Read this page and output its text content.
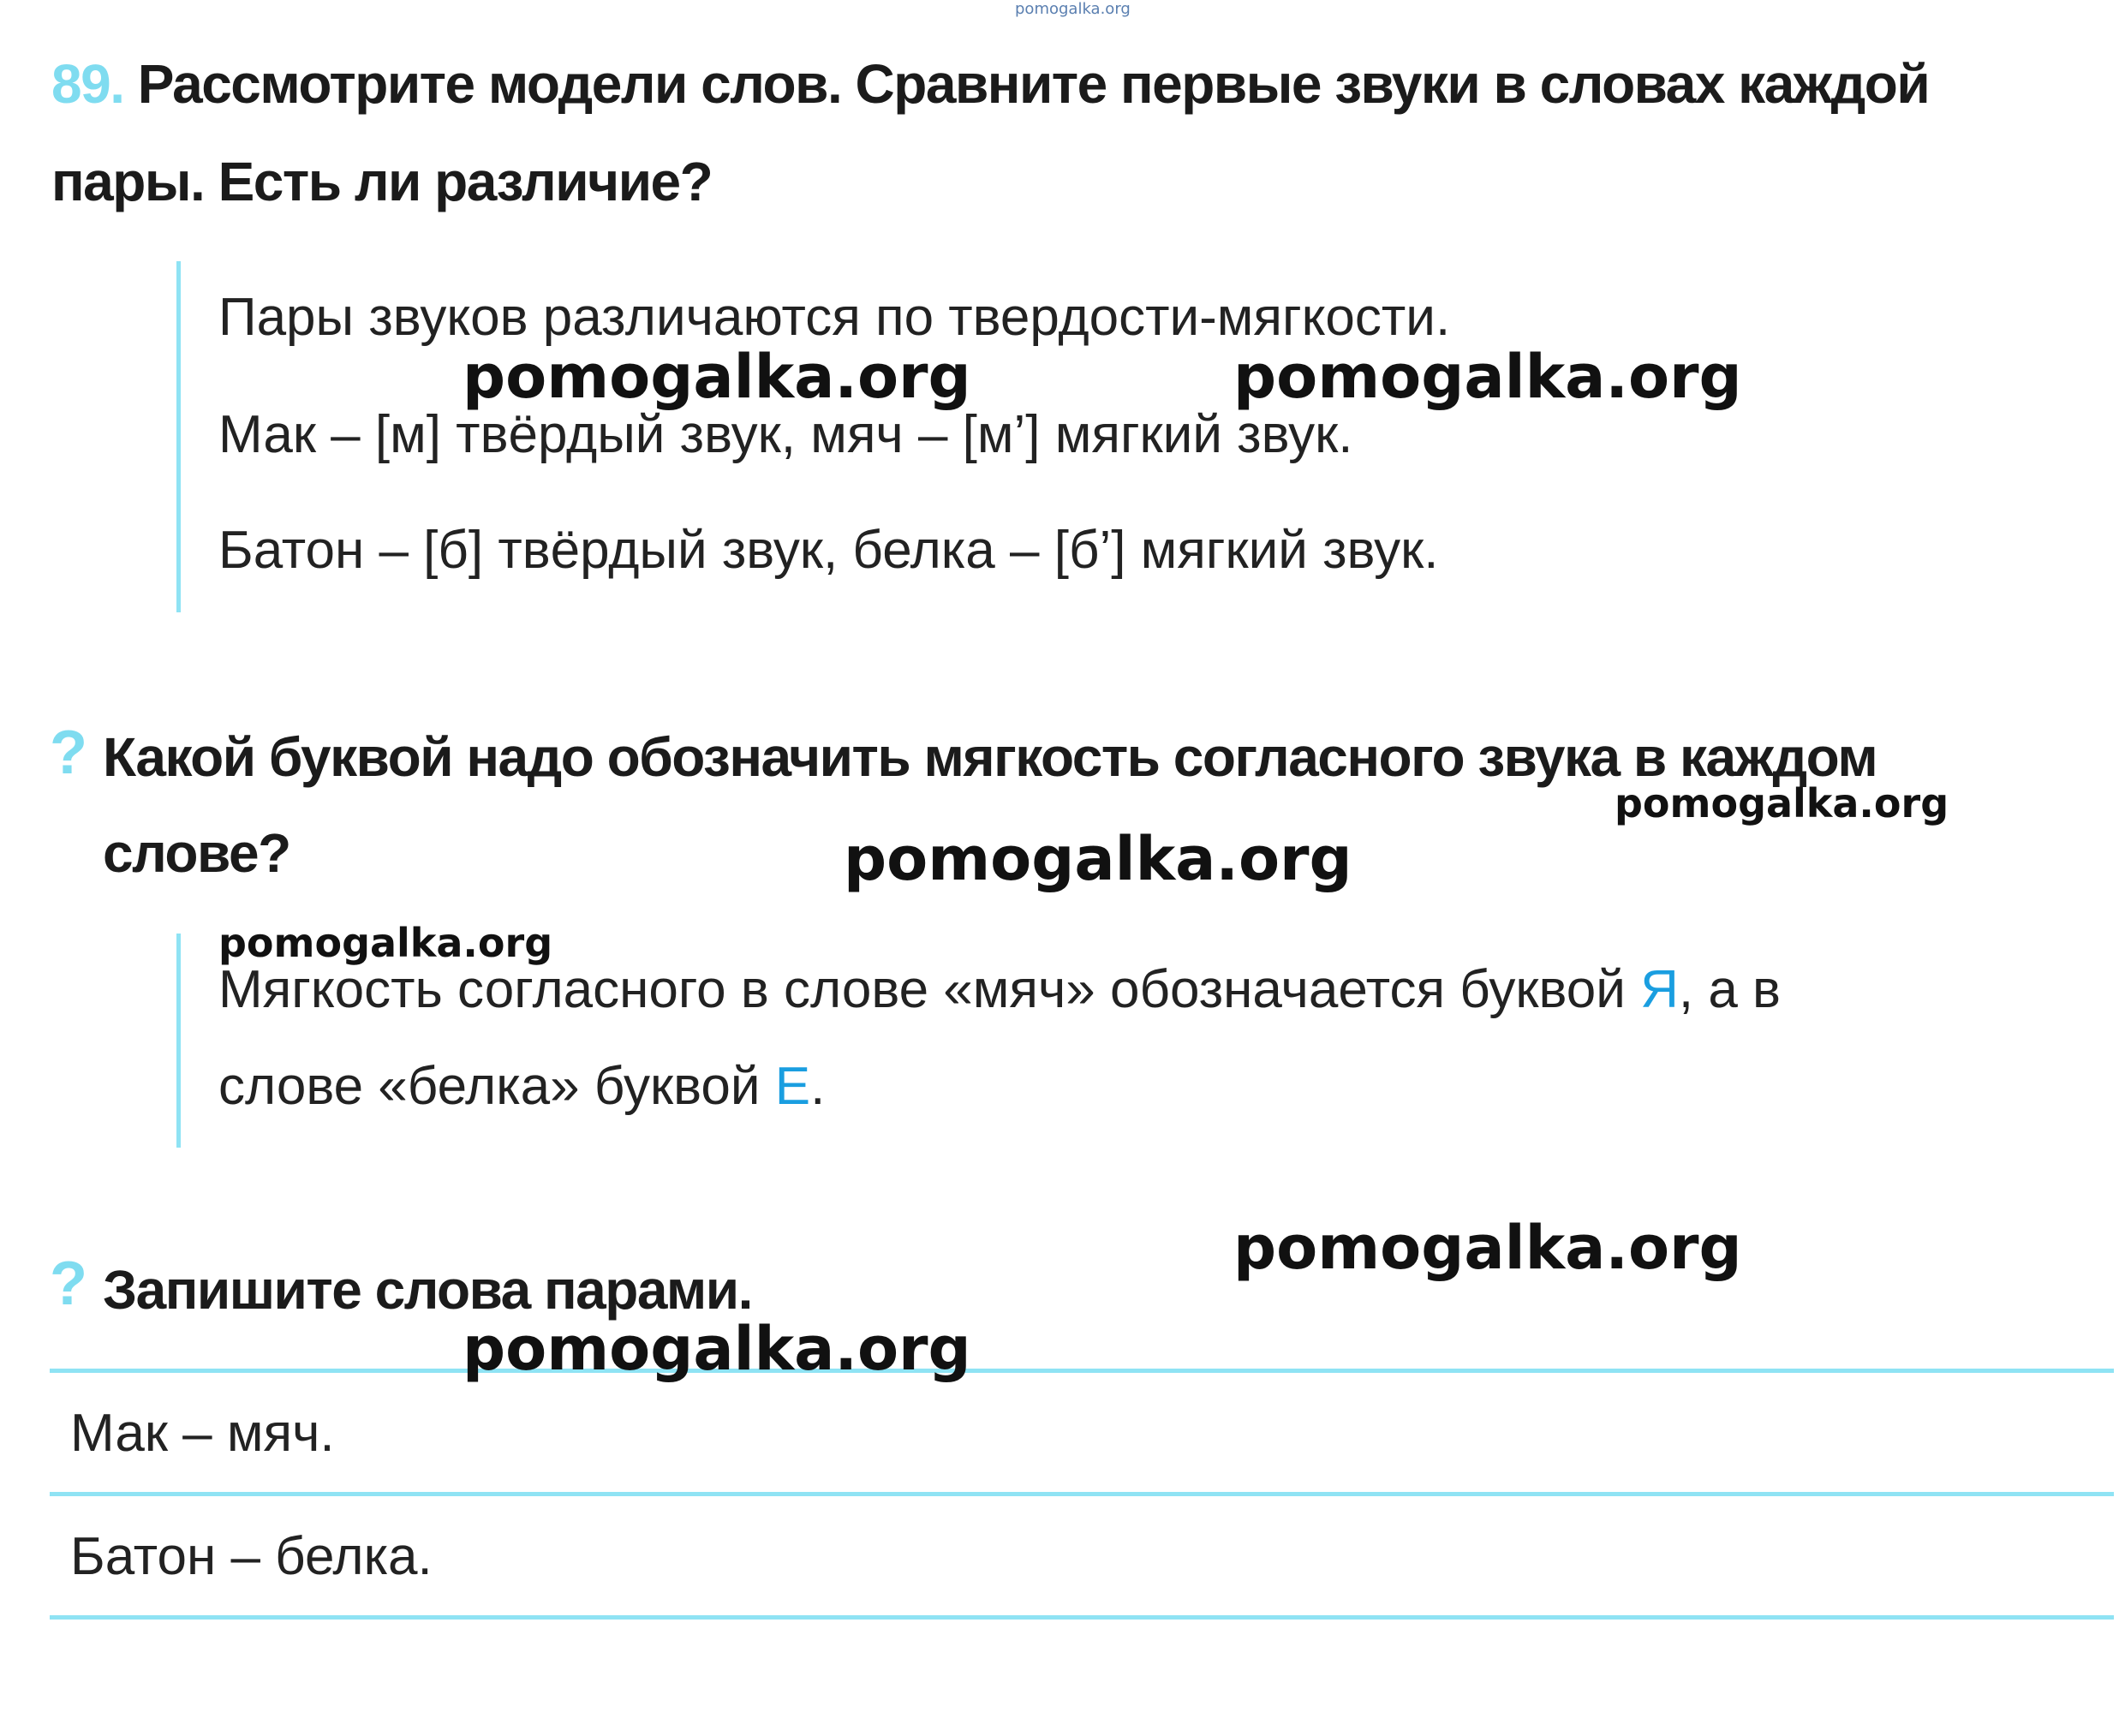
pomogalka.org
89. Рассмотрите модели слов. Сравните первые звуки в словах каждой
пары. Есть ли различие?
Пары звуков различаются по твердости-мягкости.
Мак – [м] твёрдый звук, мяч – [м’] мягкий звук.
Батон – [б] твёрдый звук, белка – [б’] мягкий звук.
? Какой буквой надо обозначить мягкость согласного звука в каждом
слове?
Мягкость согласного в слове «мяч» обозначается буквой Я, а в
слове «белка» буквой Е.
? Запишите слова парами.
Мак – мяч.
Батон – белка.
pomogalka.org	pomogalka.org
pomogalka.org
pomogalka.org
pomogalka.org
pomogalka.org
pomogalka.org
